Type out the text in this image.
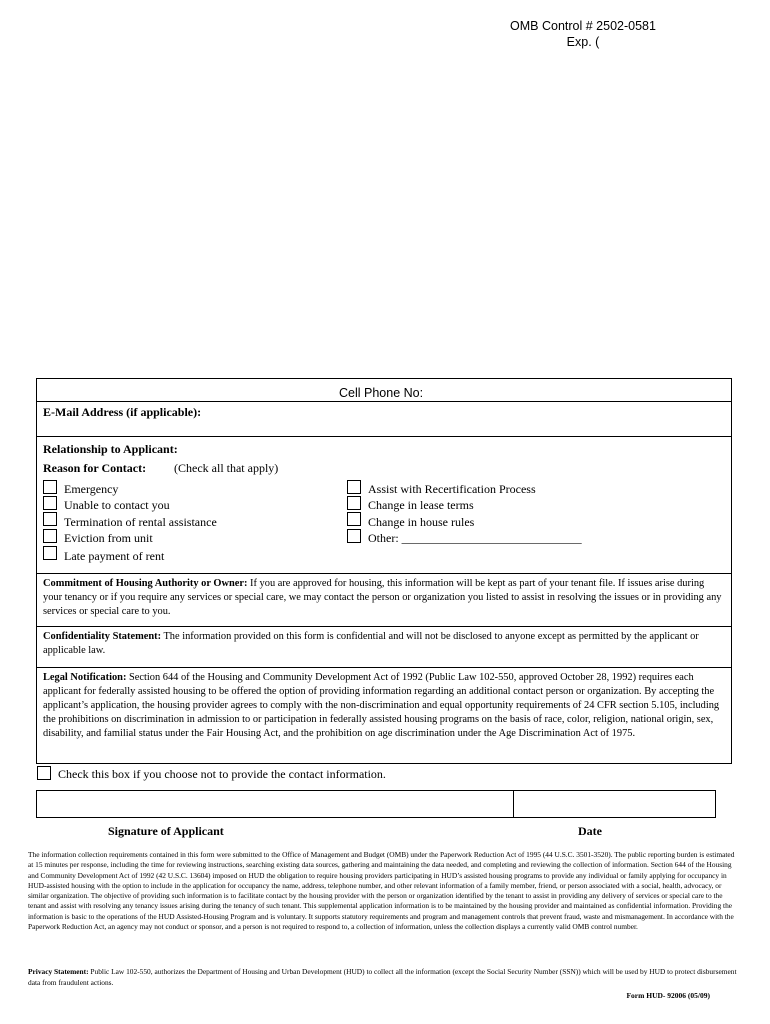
OMB Control # 2502-0581
Exp. (
Cell Phone No:
E-Mail Address (if applicable):
Relationship to Applicant:
Reason for Contact: (Check all that apply)
Emergency
Unable to contact you
Termination of rental assistance
Eviction from unit
Late payment of rent
Assist with Recertification Process
Change in lease terms
Change in house rules
Other: ______________________________
Commitment of Housing Authority or Owner: If you are approved for housing, this information will be kept as part of your tenant file. If issues arise during your tenancy or if you require any services or special care, we may contact the person or organization you listed to assist in resolving the issues or in providing any services or special care to you.
Confidentiality Statement: The information provided on this form is confidential and will not be disclosed to anyone except as permitted by the applicant or applicable law.
Legal Notification: Section 644 of the Housing and Community Development Act of 1992 (Public Law 102-550, approved October 28, 1992) requires each applicant for federally assisted housing to be offered the option of providing information regarding an additional contact person or organization. By accepting the applicant’s application, the housing provider agrees to comply with the non-discrimination and equal opportunity requirements of 24 CFR section 5.105, including the prohibitions on discrimination in admission to or participation in federally assisted housing programs on the basis of race, color, religion, national origin, sex, disability, and familial status under the Fair Housing Act, and the prohibition on age discrimination under the Age Discrimination Act of 1975.
Check this box if you choose not to provide the contact information.
Signature of Applicant	Date
The information collection requirements contained in this form were submitted to the Office of Management and Budget (OMB) under the Paperwork Reduction Act of 1995 (44 U.S.C. 3501-3520). The public reporting burden is estimated at 15 minutes per response, including the time for reviewing instructions, searching existing data sources, gathering and maintaining the data needed, and completing and reviewing the collection of information. Section 644 of the Housing and Community Development Act of 1992 (42 U.S.C. 13604) imposed on HUD the obligation to require housing providers participating in HUD’s assisted housing programs to provide any individual or family applying for occupancy in HUD-assisted housing with the option to include in the application for occupancy the name, address, telephone number, and other relevant information of a family member, friend, or person associated with a social, health, advocacy, or similar organization. The objective of providing such information is to facilitate contact by the housing provider with the person or organization identified by the tenant to assist in providing any delivery of services or special care to the tenant and assist with resolving any tenancy issues arising during the tenancy of such tenant. This supplemental application information is to be maintained by the housing provider and maintained as confidential information. Providing the information is basic to the operations of the HUD Assisted-Housing Program and is voluntary. It supports statutory requirements and program and management controls that prevent fraud, waste and mismanagement. In accordance with the Paperwork Reduction Act, an agency may not conduct or sponsor, and a person is not required to respond to, a collection of information, unless the collection displays a currently valid OMB control number.
Privacy Statement: Public Law 102-550, authorizes the Department of Housing and Urban Development (HUD) to collect all the information (except the Social Security Number (SSN)) which will be used by HUD to protect disbursement data from fraudulent actions.
Form HUD- 92006 (05/09)
